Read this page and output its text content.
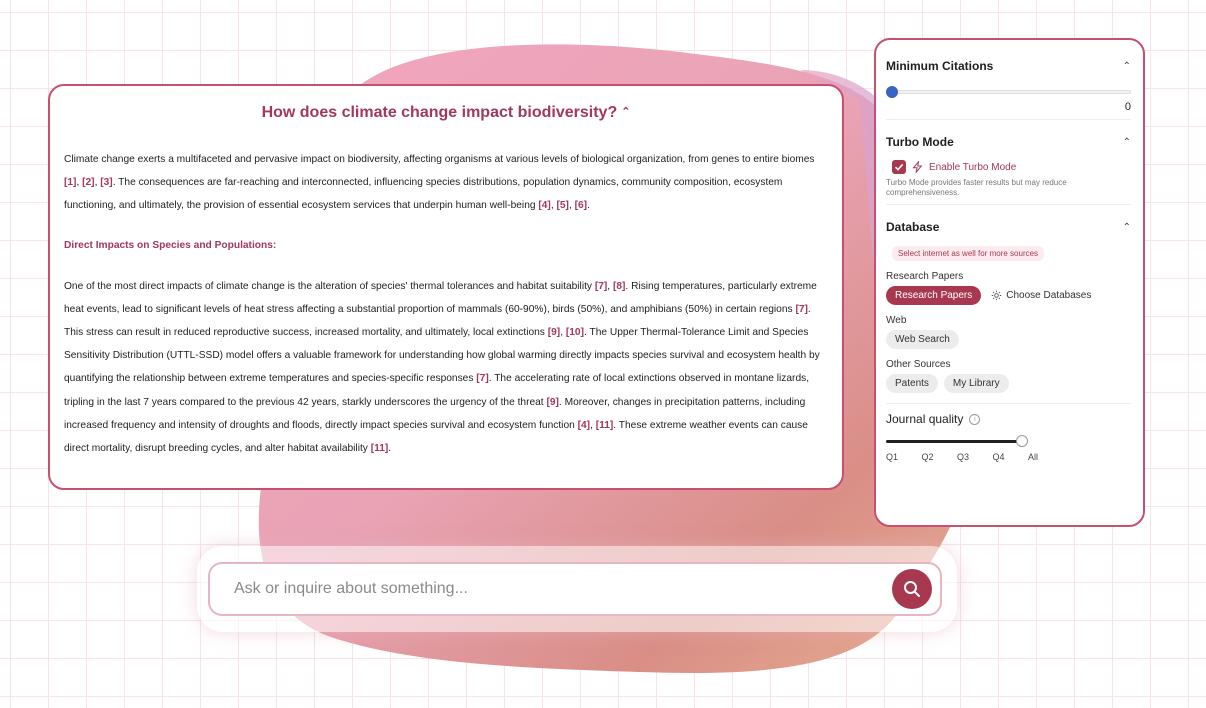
How does climate change impact biodiversity? ⌃

Climate change exerts a multifaceted and pervasive impact on biodiversity, affecting organisms at various levels of biological organization, from genes to entire biomes [1], [2], [3]. The consequences are far-reaching and interconnected, influencing species distributions, population dynamics, community composition, ecosystem functioning, and ultimately, the provision of essential ecosystem services that underpin human well-being [4], [5], [6].

Direct Impacts on Species and Populations:

One of the most direct impacts of climate change is the alteration of species' thermal tolerances and habitat suitability [7], [8]. Rising temperatures, particularly extreme heat events, lead to significant levels of heat stress affecting a substantial proportion of mammals (60-90%), birds (50%), and amphibians (50%) in certain regions [7]. This stress can result in reduced reproductive success, increased mortality, and ultimately, local extinctions [9], [10]. The Upper Thermal-Tolerance Limit and Species Sensitivity Distribution (UTTL-SSD) model offers a valuable framework for understanding how global warming directly impacts species survival and ecosystem health by quantifying the relationship between extreme temperatures and species-specific responses [7]. The accelerating rate of local extinctions observed in montane lizards, tripling in the last 7 years compared to the previous 42 years, starkly underscores the urgency of the threat [9]. Moreover, changes in precipitation patterns, including increased frequency and intensity of droughts and floods, directly impact species survival and ecosystem function [4], [11]. These extreme weather events can cause direct mortality, disrupt breeding cycles, and alter habitat availability [11].

Ask or inquire about something...
Minimum Citations	⌃
0
Turbo Mode	⌃
Enable Turbo Mode
Turbo Mode provides faster results but may reduce comprehensiveness.
Database	⌃
Select internet as well for more sources
Research Papers
Research Papers	Choose Databases
Web
Web Search
Other Sources
Patents	My Library
Journal quality	i
Q1	Q2	Q3	Q4	All
